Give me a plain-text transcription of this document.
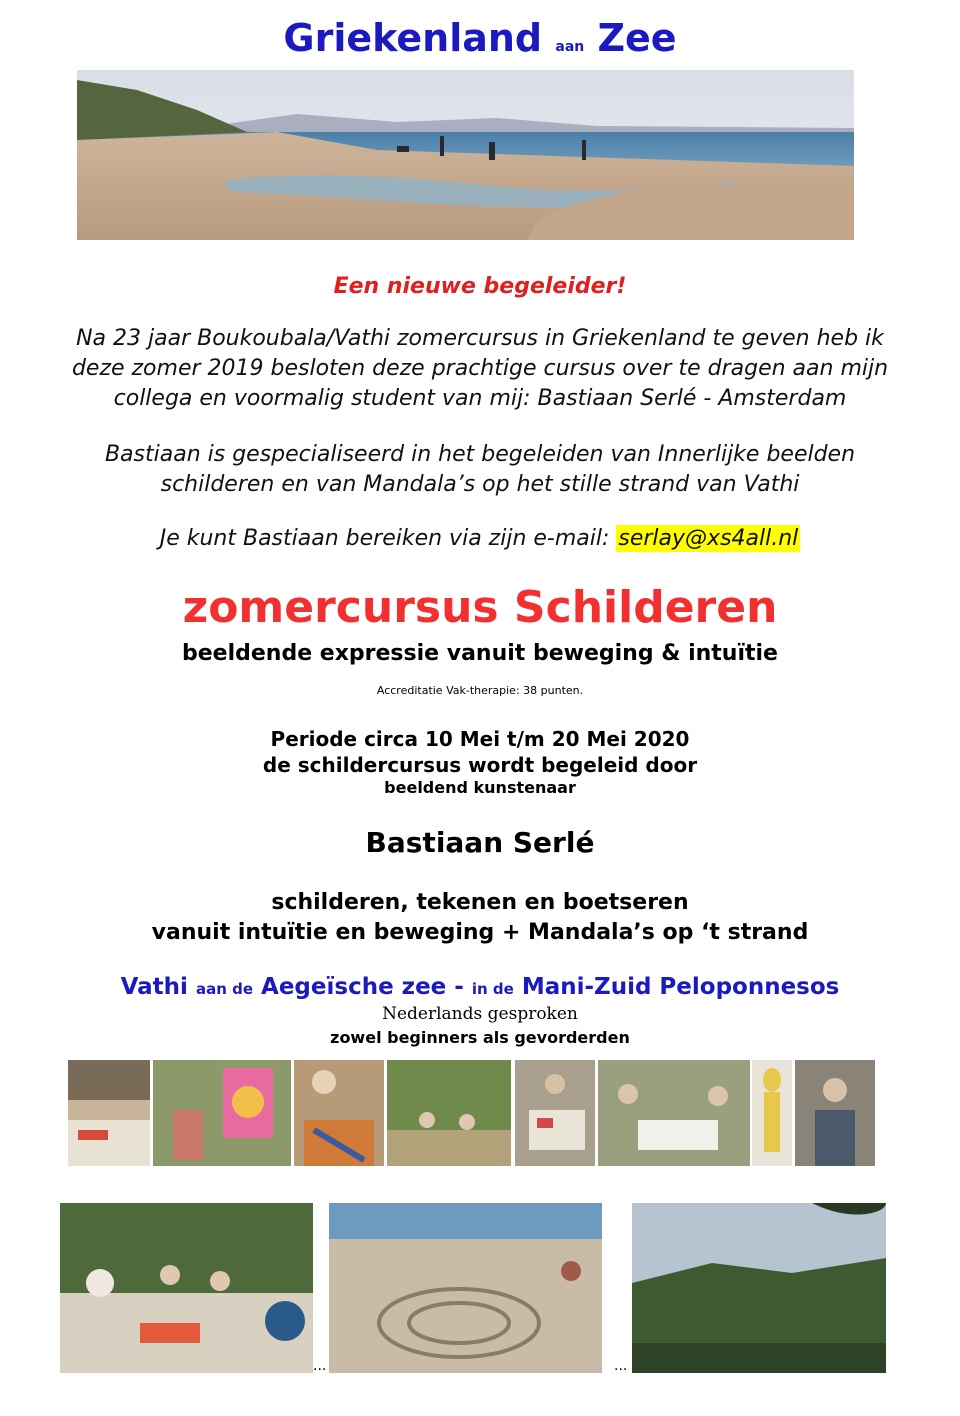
Griekenland aan Zee
Een nieuwe begeleider!
Na 23 jaar Boukoubala/Vathi zomercursus in Griekenland te geven heb ik
deze zomer 2019 besloten deze prachtige cursus over te dragen aan mijn
collega en voormalig student van mij: Bastiaan Serlé - Amsterdam
Bastiaan is gespecialiseerd in het begeleiden van Innerlijke beelden
schilderen en van Mandala’s op het stille strand van Vathi
Je kunt Bastiaan bereiken via zijn e-mail: serlay@xs4all.nl
zomercursus Schilderen
beeldende expressie vanuit beweging & intuïtie
Accreditatie Vak-therapie: 38 punten.
Periode circa 10 Mei t/m 20 Mei 2020
de schildercursus wordt begeleid door
beeldend kunstenaar
Bastiaan Serlé
schilderen, tekenen en boetseren
vanuit intuïtie en beweging + Mandala’s op ‘t strand
Vathi aan de Aegeïsche zee - in de Mani-Zuid Peloponnesos
Nederlands gesproken
zowel beginners als gevorderden
...	...
